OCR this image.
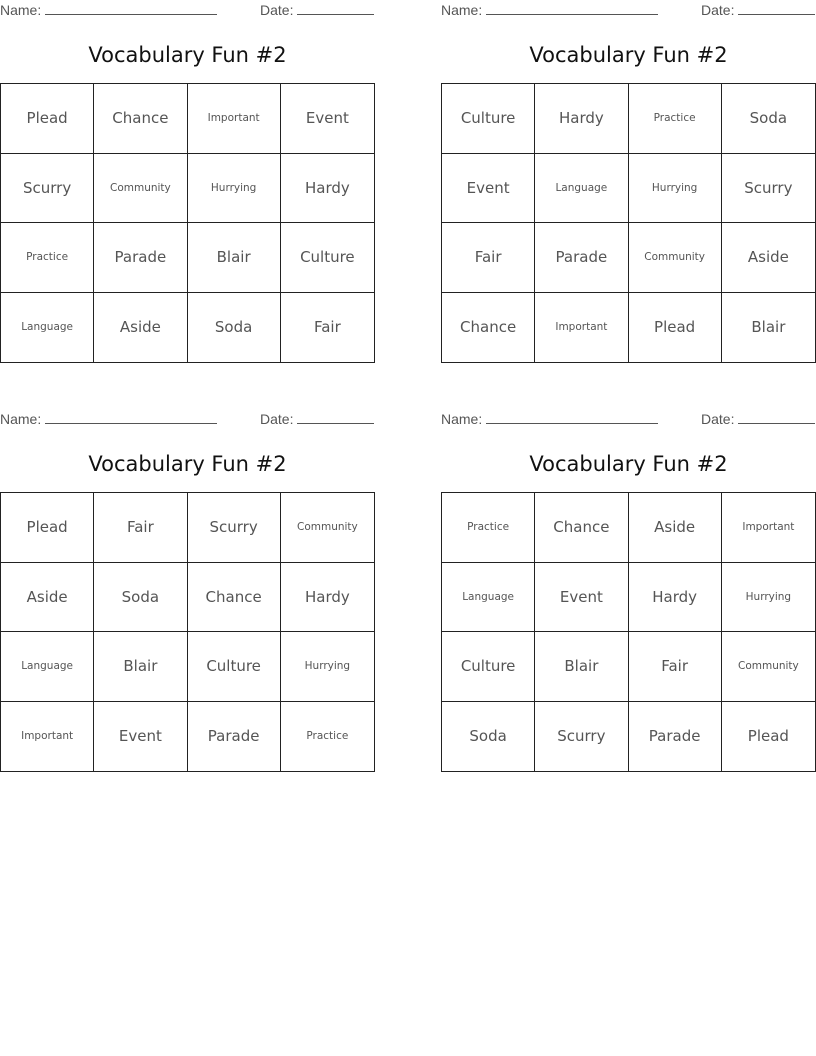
Name:	Date:
Vocabulary Fun #2
Plead	Chance	Important	Event
Scurry	Community	Hurrying	Hardy
Practice	Parade	Blair	Culture
Language	Aside	Soda	Fair
Name:	Date:
Vocabulary Fun #2
Culture	Hardy	Practice	Soda
Event	Language	Hurrying	Scurry
Fair	Parade	Community	Aside
Chance	Important	Plead	Blair
Name:	Date:
Vocabulary Fun #2
Plead	Fair	Scurry	Community
Aside	Soda	Chance	Hardy
Language	Blair	Culture	Hurrying
Important	Event	Parade	Practice
Name:	Date:
Vocabulary Fun #2
Practice	Chance	Aside	Important
Language	Event	Hardy	Hurrying
Culture	Blair	Fair	Community
Soda	Scurry	Parade	Plead
